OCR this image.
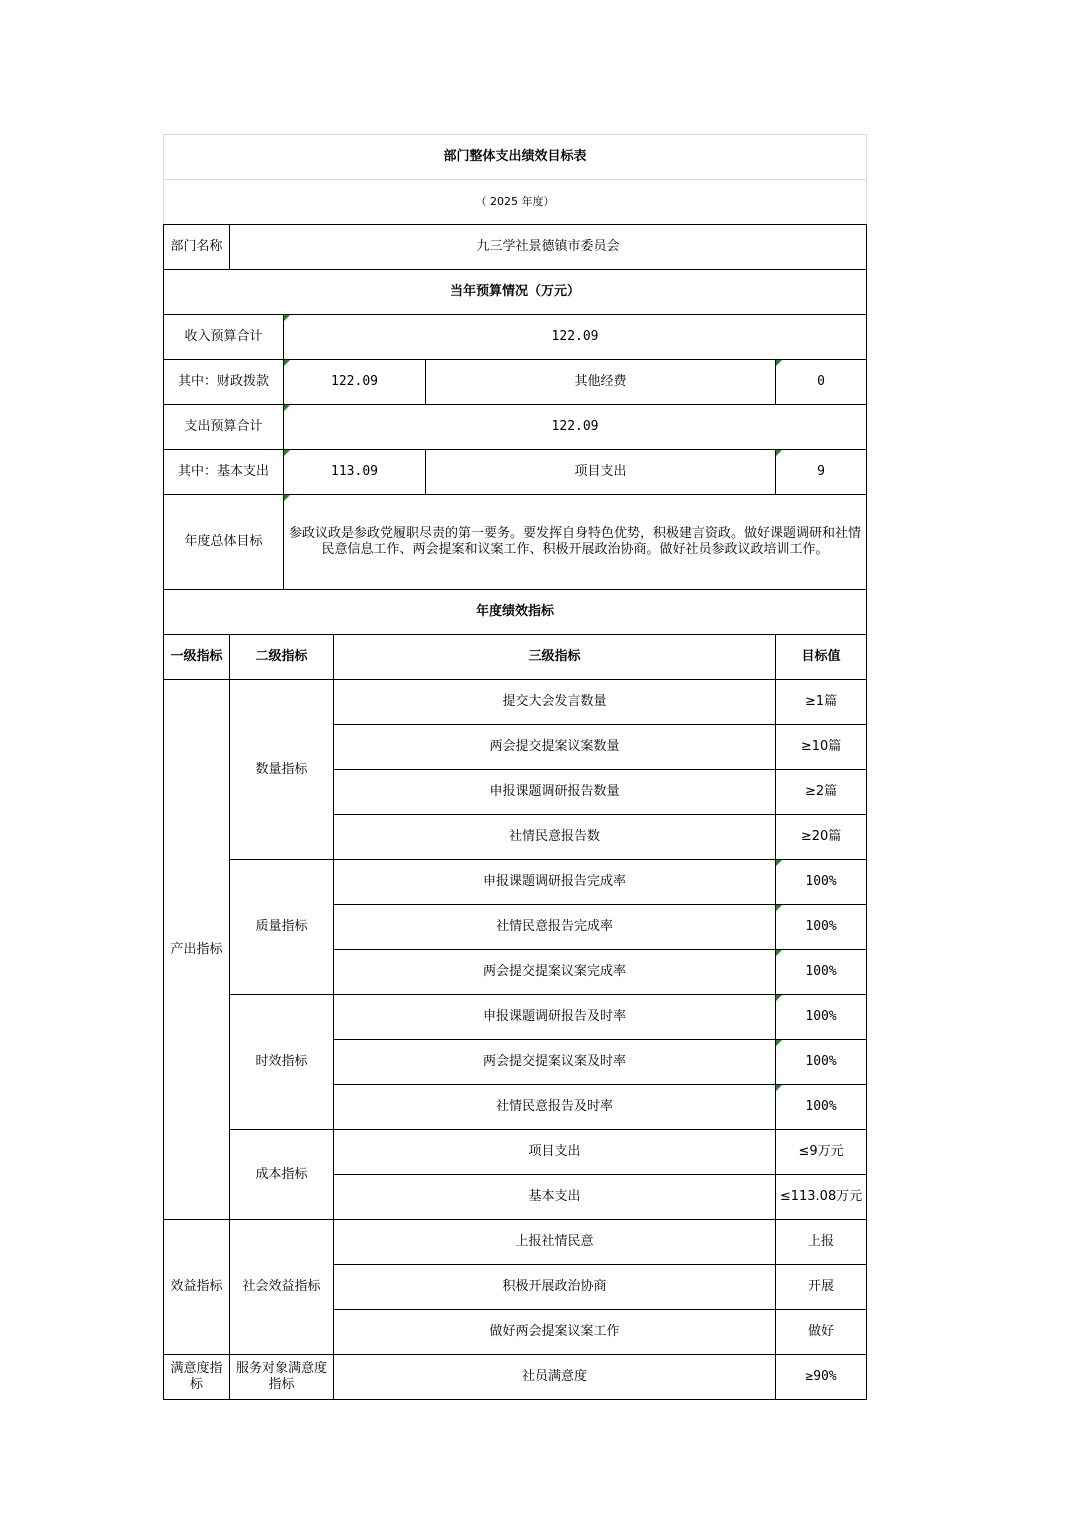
部门整体支出绩效目标表					
（ 2025 年度）					
部门名称	九三学社景德镇市委员会				
当年预算情况（万元）					
收入预算合计		122.09			
其中：财政拨款		122.09		其他经费	0
支出预算合计		122.09			
其中：基本支出		113.09		项目支出	9
年度总体目标		参政议政是参政党履职尽责的第一要务。要发挥自身特色优势，积极建言资政。做好课题调研和社情民意信息工作、两会提案和议案工作、积极开展政治协商。做好社员参政议政培训工作。			
年度绩效指标					
一级指标	二级指标		三级指标		目标值
产出指标	数量指标		提交大会发言数量		≥1篇
			两会提交提案议案数量		≥10篇
			申报课题调研报告数量		≥2篇
			社情民意报告数		≥20篇
	质量指标		申报课题调研报告完成率		100%
			社情民意报告完成率		100%
			两会提交提案议案完成率		100%
	时效指标		申报课题调研报告及时率		100%
			两会提交提案议案及时率		100%
			社情民意报告及时率		100%
	成本指标		项目支出		≤9万元
			基本支出		≤113.08万元
效益指标	社会效益指标		上报社情民意		上报
			积极开展政治协商		开展
			做好两会提案议案工作		做好
满意度指标	服务对象满意度指标		社员满意度		≥90%
